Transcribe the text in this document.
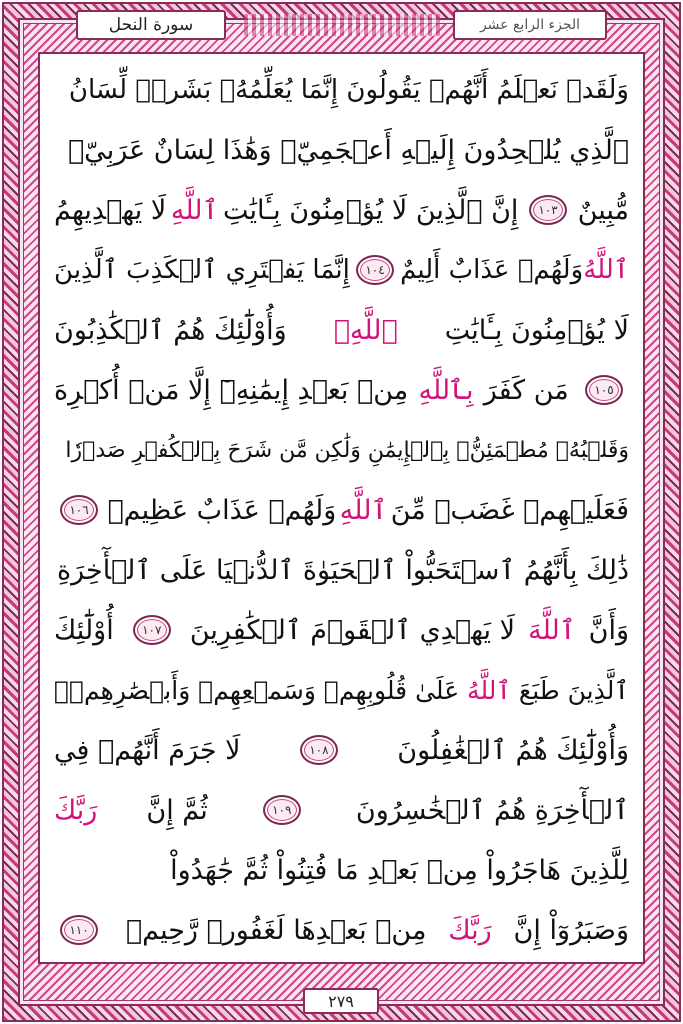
سورة النحل	الجزء الرابع عشر
وَلَقَدۡ نَعۡلَمُ أَنَّهُمۡ يَقُولُونَ إِنَّمَا يُعَلِّمُهُۥ بَشَرٞۗ لِّسَانُ
ٱلَّذِي يُلۡحِدُونَ إِلَيۡهِ أَعۡجَمِيّٞ وَهَٰذَا لِسَانٌ عَرَبِيّٞ
مُّبِينٌ
١٠٣
إِنَّ ٱلَّذِينَ لَا يُؤۡمِنُونَ بِـَٔايَٰتِ
ٱللَّهِ
لَا يَهۡدِيهِمُ
ٱللَّهُ
وَلَهُمۡ عَذَابٌ أَلِيمٌ
١٠٤
إِنَّمَا يَفۡتَرِي ٱلۡكَذِبَ ٱلَّذِينَ
لَا يُؤۡمِنُونَ بِـَٔايَٰتِ
ٱللَّهِۖ
وَأُوْلَٰٓئِكَ هُمُ ٱلۡكَٰذِبُونَ
١٠٥
مَن كَفَرَ
بِٱللَّهِ
مِنۢ بَعۡدِ إِيمَٰنِهِۦٓ إِلَّا مَنۡ أُكۡرِهَ
وَقَلۡبُهُۥ مُطۡمَئِنُّۢ بِٱلۡإِيمَٰنِ وَلَٰكِن مَّن شَرَحَ بِٱلۡكُفۡرِ صَدۡرٗا
فَعَلَيۡهِمۡ غَضَبٞ مِّنَ
ٱللَّهِ
وَلَهُمۡ عَذَابٌ عَظِيمٞ
١٠٦
ذَٰلِكَ بِأَنَّهُمُ ٱسۡتَحَبُّواْ ٱلۡحَيَوٰةَ ٱلدُّنۡيَا عَلَى ٱلۡأٓخِرَةِ
وَأَنَّ
ٱللَّهَ
لَا يَهۡدِي ٱلۡقَوۡمَ ٱلۡكَٰفِرِينَ
١٠٧
أُوْلَٰٓئِكَ
ٱلَّذِينَ طَبَعَ
ٱللَّهُ
عَلَىٰ قُلُوبِهِمۡ وَسَمۡعِهِمۡ وَأَبۡصَٰرِهِمۡۖ
وَأُوْلَٰٓئِكَ هُمُ ٱلۡغَٰفِلُونَ
١٠٨
لَا جَرَمَ أَنَّهُمۡ فِي
ٱلۡأٓخِرَةِ هُمُ ٱلۡخَٰسِرُونَ
١٠٩
ثُمَّ إِنَّ
رَبَّكَ
لِلَّذِينَ هَاجَرُواْ مِنۢ بَعۡدِ مَا فُتِنُواْ ثُمَّ جَٰهَدُواْ
وَصَبَرُوٓاْ إِنَّ
رَبَّكَ
مِنۢ بَعۡدِهَا لَغَفُورٞ رَّحِيمٞ
١١٠
٢٧٩
